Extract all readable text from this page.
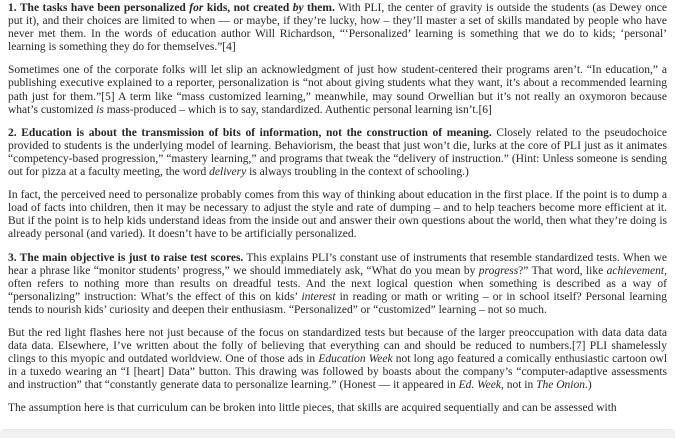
1. The tasks have been personalized for kids, not created by them. With PLI, the center of gravity is outside the students (as Dewey once put it), and their choices are limited to when — or maybe, if they’re lucky, how – they’ll master a set of skills mandated by people who have never met them. In the words of education author Will Richardson, “‘Personalized’ learning is something that we do to kids; ‘personal’ learning is something they do for themselves.”[4]

Sometimes one of the corporate folks will let slip an acknowledgment of just how student-centered their programs aren’t. “In education,” a publishing executive explained to a reporter, personalization is “not about giving students what they want, it’s about a recommended learning path just for them.”[5] A term like “mass customized learning,” meanwhile, may sound Orwellian but it’s not really an oxymoron because what’s customized is mass-produced – which is to say, standardized. Authentic personal learning isn’t.[6]

2. Education is about the transmission of bits of information, not the construction of meaning. Closely related to the pseudochoice provided to students is the underlying model of learning. Behaviorism, the beast that just won’t die, lurks at the core of PLI just as it animates “competency-based progression,” “mastery learning,” and programs that tweak the “delivery of instruction.” (Hint: Unless someone is sending out for pizza at a faculty meeting, the word delivery is always troubling in the context of schooling.)

In fact, the perceived need to personalize probably comes from this way of thinking about education in the first place. If the point is to dump a load of facts into children, then it may be necessary to adjust the style and rate of dumping – and to help teachers become more efficient at it. But if the point is to help kids understand ideas from the inside out and answer their own questions about the world, then what they’re doing is already personal (and varied). It doesn’t have to be artificially personalized.

3. The main objective is just to raise test scores. This explains PLI’s constant use of instruments that resemble standardized tests. When we hear a phrase like “monitor students’ progress,” we should immediately ask, “What do you mean by progress?” That word, like achievement, often refers to nothing more than results on dreadful tests. And the next logical question when something is described as a way of “personalizing” instruction: What’s the effect of this on kids’ interest in reading or math or writing – or in school itself? Personal learning tends to nourish kids’ curiosity and deepen their enthusiasm. “Personalized” or “customized” learning – not so much.

But the red light flashes here not just because of the focus on standardized tests but because of the larger preoccupation with data data data data data. Elsewhere, I’ve written about the folly of believing that everything can and should be reduced to numbers.[7] PLI shamelessly clings to this myopic and outdated worldview. One of those ads in Education Week not long ago featured a comically enthusiastic cartoon owl in a tuxedo wearing an “I [heart] Data” button. This drawing was followed by boasts about the company’s “computer-adaptive assessments and instruction” that “constantly generate data to personalize learning.” (Honest — it appeared in Ed. Week, not in The Onion.)

The assumption here is that curriculum can be broken into little pieces, that skills are acquired sequentially and can be assessed with
